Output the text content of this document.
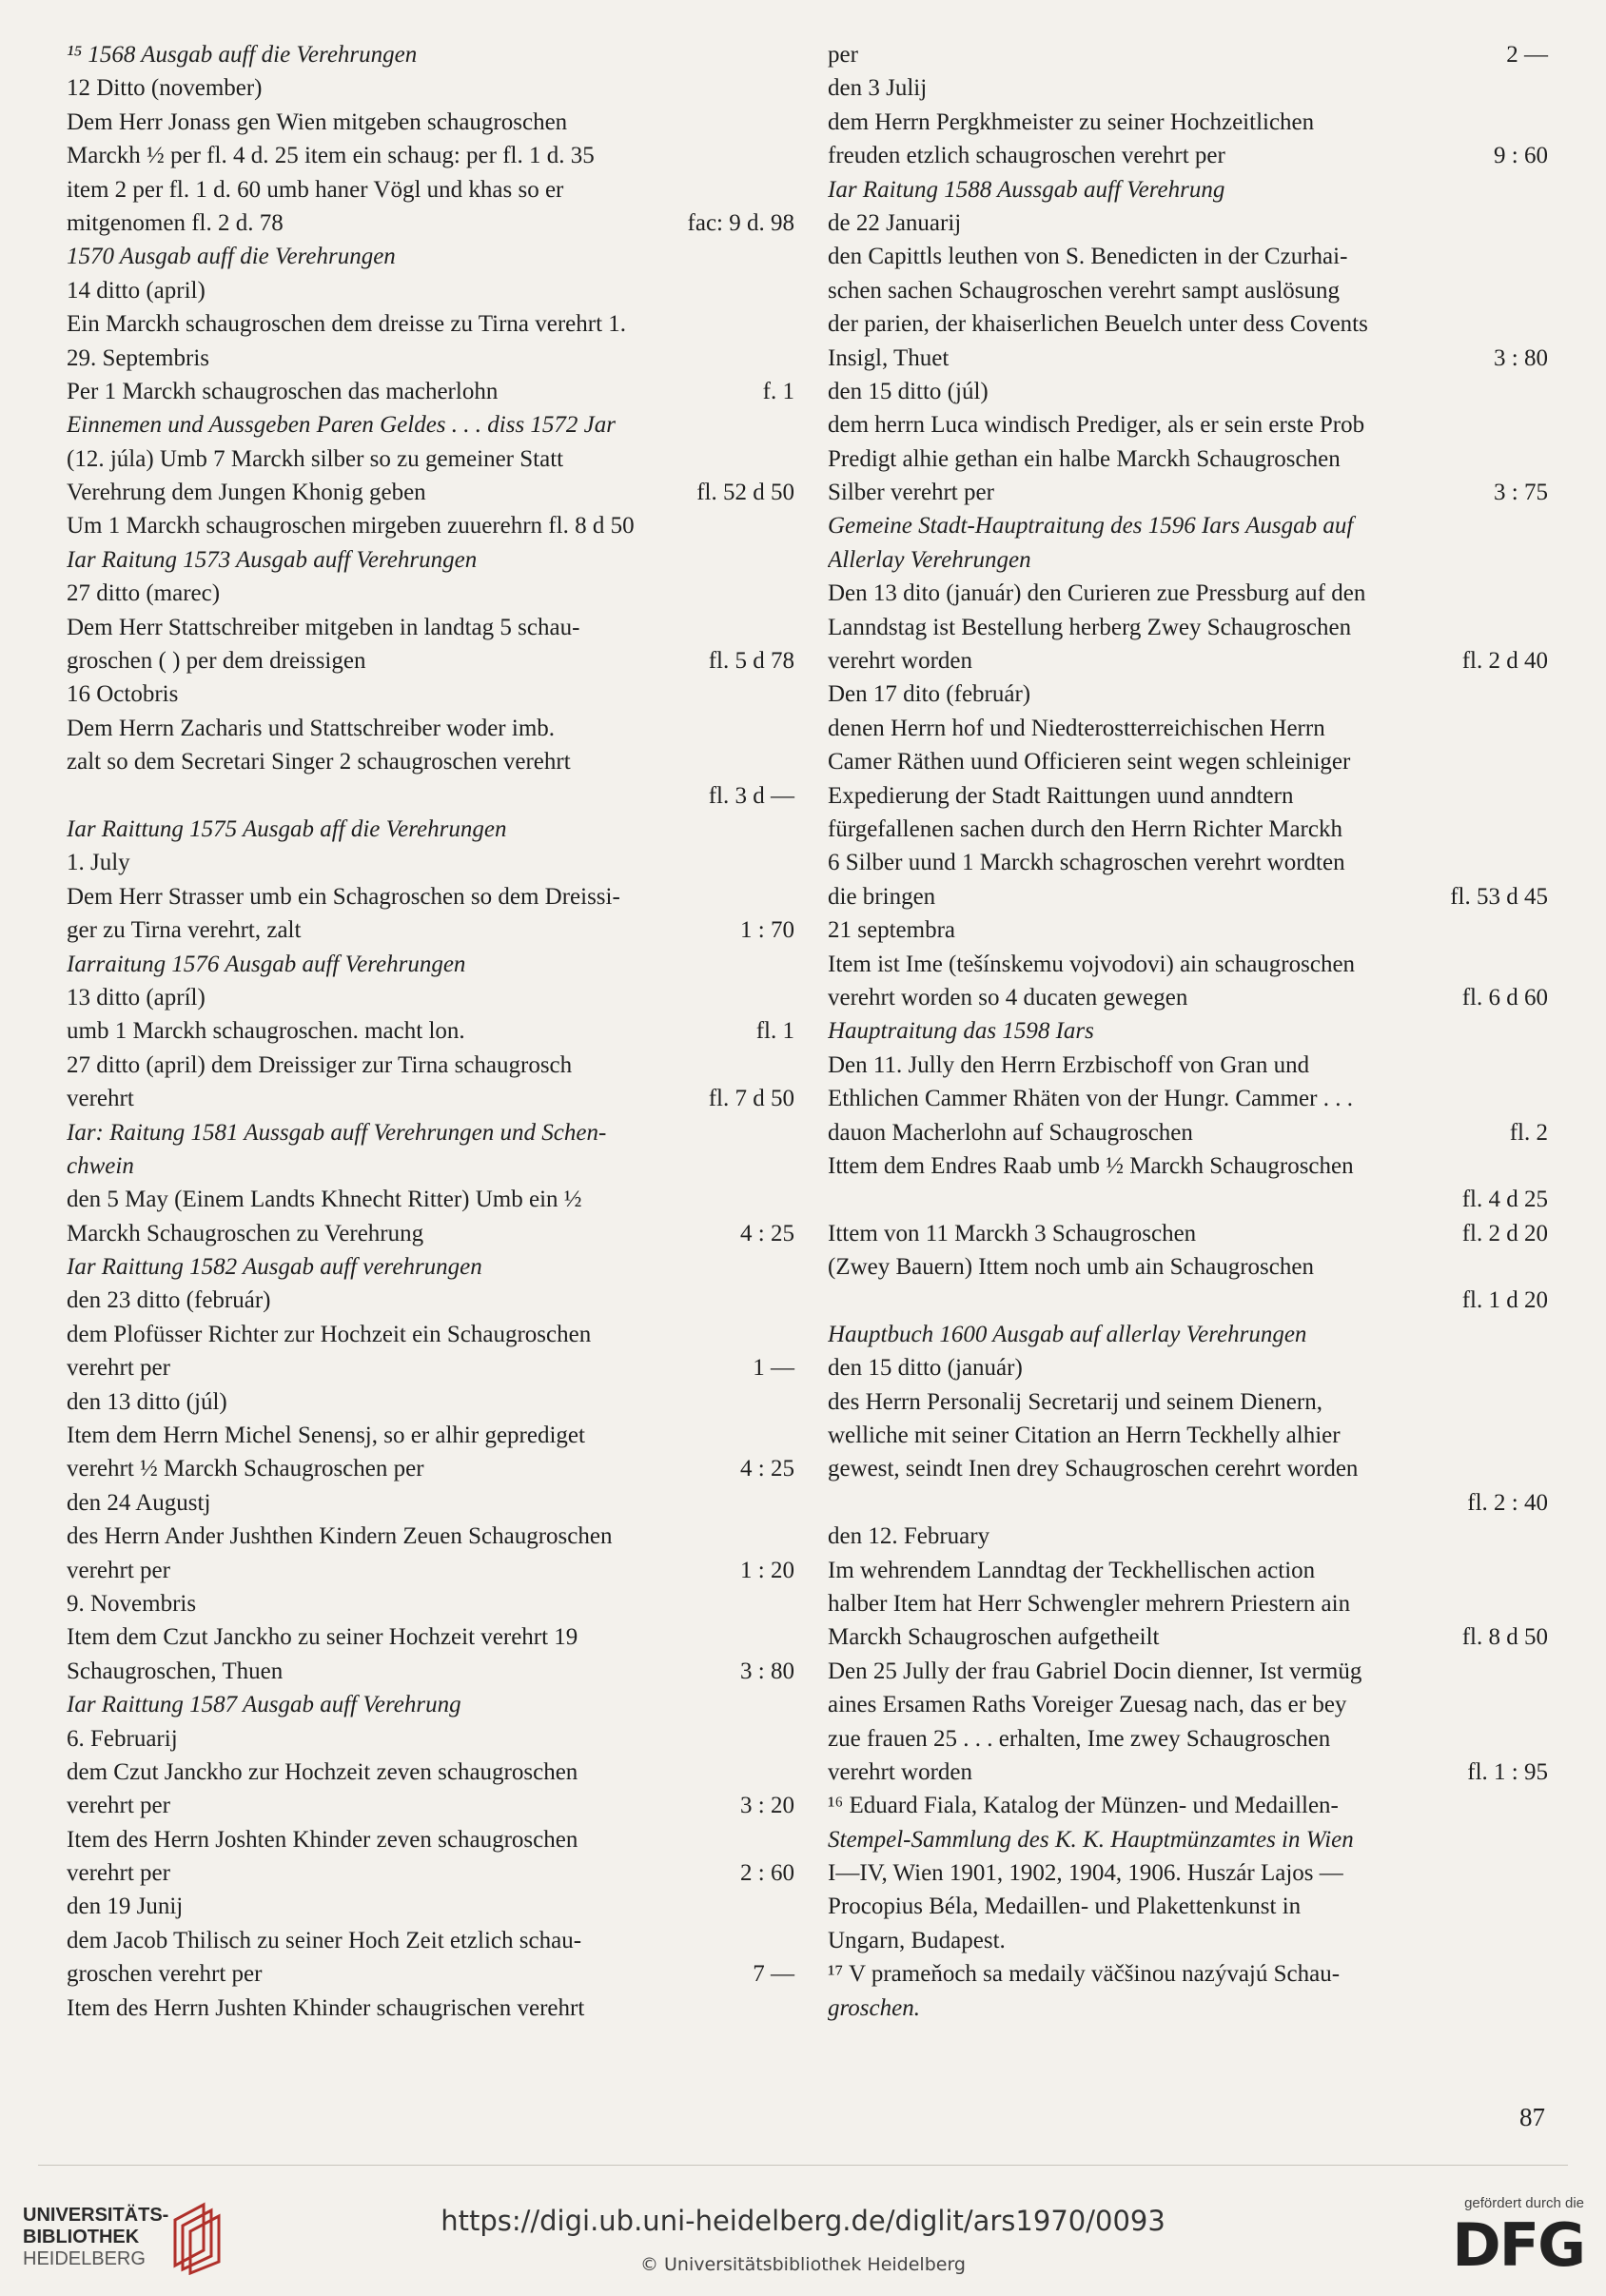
¹⁵ 1568 Ausgab auff die Verehrungen
12 Ditto (november)
Dem Herr Jonass gen Wien mitgeben schaugroschen
Marckh ½ per fl. 4 d. 25 item ein schaug: per fl. 1 d. 35
item 2 per fl. 1 d. 60 umb haner Vögl und khas so er
mitgenomen fl. 2 d. 78	fac: 9 d. 98
1570 Ausgab auff die Verehrungen
14 ditto (april)
Ein Marckh schaugroschen dem dreisse zu Tirna verehrt 1.
29. Septembris
Per 1 Marckh schaugroschen das macherlohn	f. 1
Einnemen und Aussgeben Paren Geldes . . . diss 1572 Jar
(12. júla) Umb 7 Marckh silber so zu gemeiner Statt
Verehrung dem Jungen Khonig geben	fl. 52 d 50
Um 1 Marckh schaugroschen mirgeben zuuerehrn fl. 8 d 50
Iar Raitung 1573 Ausgab auff Verehrungen
27 ditto (marec)
Dem Herr Stattschreiber mitgeben in landtag 5 schau-
groschen ( ) per dem dreissigen	fl. 5 d 78
16 Octobris
Dem Herrn Zacharis und Stattschreiber woder imb.
zalt so dem Secretari Singer 2 schaugroschen verehrt
fl. 3 d —
Iar Raittung 1575 Ausgab aff die Verehrungen
1. July
Dem Herr Strasser umb ein Schagroschen so dem Dreissi-
ger zu Tirna verehrt, zalt	1 : 70
Iarraitung 1576 Ausgab auff Verehrungen
13 ditto (apríl)
umb 1 Marckh schaugroschen. macht lon.	fl. 1
27 ditto (april) dem Dreissiger zur Tirna schaugrosch
verehrt	fl. 7 d 50
Iar: Raitung 1581 Aussgab auff Verehrungen und Schen-
chwein
den 5 May (Einem Landts Khnecht Ritter) Umb ein ½
Marckh Schaugroschen zu Verehrung	4 : 25
Iar Raittung 1582 Ausgab auff verehrungen
den 23 ditto (február)
dem Plofüsser Richter zur Hochzeit ein Schaugroschen
verehrt per	1 —
den 13 ditto (júl)
Item dem Herrn Michel Senensj, so er alhir geprediget
verehrt ½ Marckh Schaugroschen per	4 : 25
den 24 Augustj
des Herrn Ander Jushthen Kindern Zeuen Schaugroschen
verehrt per	1 : 20
9. Novembris
Item dem Czut Janckho zu seiner Hochzeit verehrt 19
Schaugroschen, Thuen	3 : 80
Iar Raittung 1587 Ausgab auff Verehrung
6. Februarij
dem Czut Janckho zur Hochzeit zeven schaugroschen
verehrt per	3 : 20
Item des Herrn Joshten Khinder zeven schaugroschen
verehrt per	2 : 60
den 19 Junij
dem Jacob Thilisch zu seiner Hoch Zeit etzlich schau-
groschen verehrt per	7 —
Item des Herrn Jushten Khinder schaugrischen verehrt
per	2 —
den 3 Julij
dem Herrn Pergkhmeister zu seiner Hochzeitlichen
freuden etzlich schaugroschen verehrt per	9 : 60
Iar Raitung 1588 Aussgab auff Verehrung
de 22 Januarij
den Capittls leuthen von S. Benedicten in der Czurhai-
schen sachen Schaugroschen verehrt sampt auslösung
der parien, der khaiserlichen Beuelch unter dess Covents
Insigl, Thuet	3 : 80
den 15 ditto (júl)
dem herrn Luca windisch Prediger, als er sein erste Prob
Predigt alhie gethan ein halbe Marckh Schaugroschen
Silber verehrt per	3 : 75
Gemeine Stadt-Hauptraitung des 1596 Iars Ausgab auf
Allerlay Verehrungen
Den 13 dito (január) den Curieren zue Pressburg auf den
Lanndstag ist Bestellung herberg Zwey Schaugroschen
verehrt worden	fl. 2 d 40
Den 17 dito (február)
denen Herrn hof und Niedterostterreichischen Herrn
Camer Räthen uund Officieren seint wegen schleiniger
Expedierung der Stadt Raittungen uund anndtern
fürgefallenen sachen durch den Herrn Richter Marckh
6 Silber uund 1 Marckh schagroschen verehrt wordten
die bringen	fl. 53 d 45
21 septembra
Item ist Ime (tešínskemu vojvodovi) ain schaugroschen
verehrt worden so 4 ducaten gewegen	fl. 6 d 60
Hauptraitung das 1598 Iars
Den 11. Jully den Herrn Erzbischoff von Gran und
Ethlichen Cammer Rhäten von der Hungr. Cammer . . .
dauon Macherlohn auf Schaugroschen	fl. 2
Ittem dem Endres Raab umb ½ Marckh Schaugroschen
fl. 4 d 25
Ittem von 11 Marckh 3 Schaugroschen	fl. 2 d 20
(Zwey Bauern) Ittem noch umb ain Schaugroschen
fl. 1 d 20
Hauptbuch 1600 Ausgab auf allerlay Verehrungen
den 15 ditto (január)
des Herrn Personalij Secretarij und seinem Dienern,
welliche mit seiner Citation an Herrn Teckhelly alhier
gewest, seindt Inen drey Schaugroschen cerehrt worden
fl. 2 : 40
den 12. February
Im wehrendem Lanndtag der Teckhellischen action
halber Item hat Herr Schwengler mehrern Priestern ain
Marckh Schaugroschen aufgetheilt	fl. 8 d 50
Den 25 Jully der frau Gabriel Docin dienner, Ist vermüg
aines Ersamen Raths Voreiger Zuesag nach, das er bey
zue frauen 25 . . . erhalten, Ime zwey Schaugroschen
verehrt worden	fl. 1 : 95
¹⁶ Eduard Fiala, Katalog der Münzen- und Medaillen-
Stempel-Sammlung des K. K. Hauptmünzamtes in Wien
I—IV, Wien 1901, 1902, 1904, 1906. Huszár Lajos —
Procopius Béla, Medaillen- und Plakettenkunst in
Ungarn, Budapest.
¹⁷ V prameňoch sa medaily väčšinou nazývajú Schau-
groschen.
87
UNIVERSITÄTS-
BIBLIOTHEK
HEIDELBERG
https://digi.ub.uni-heidelberg.de/diglit/ars1970/0093
© Universitätsbibliothek Heidelberg
gefördert durch die
DFG
